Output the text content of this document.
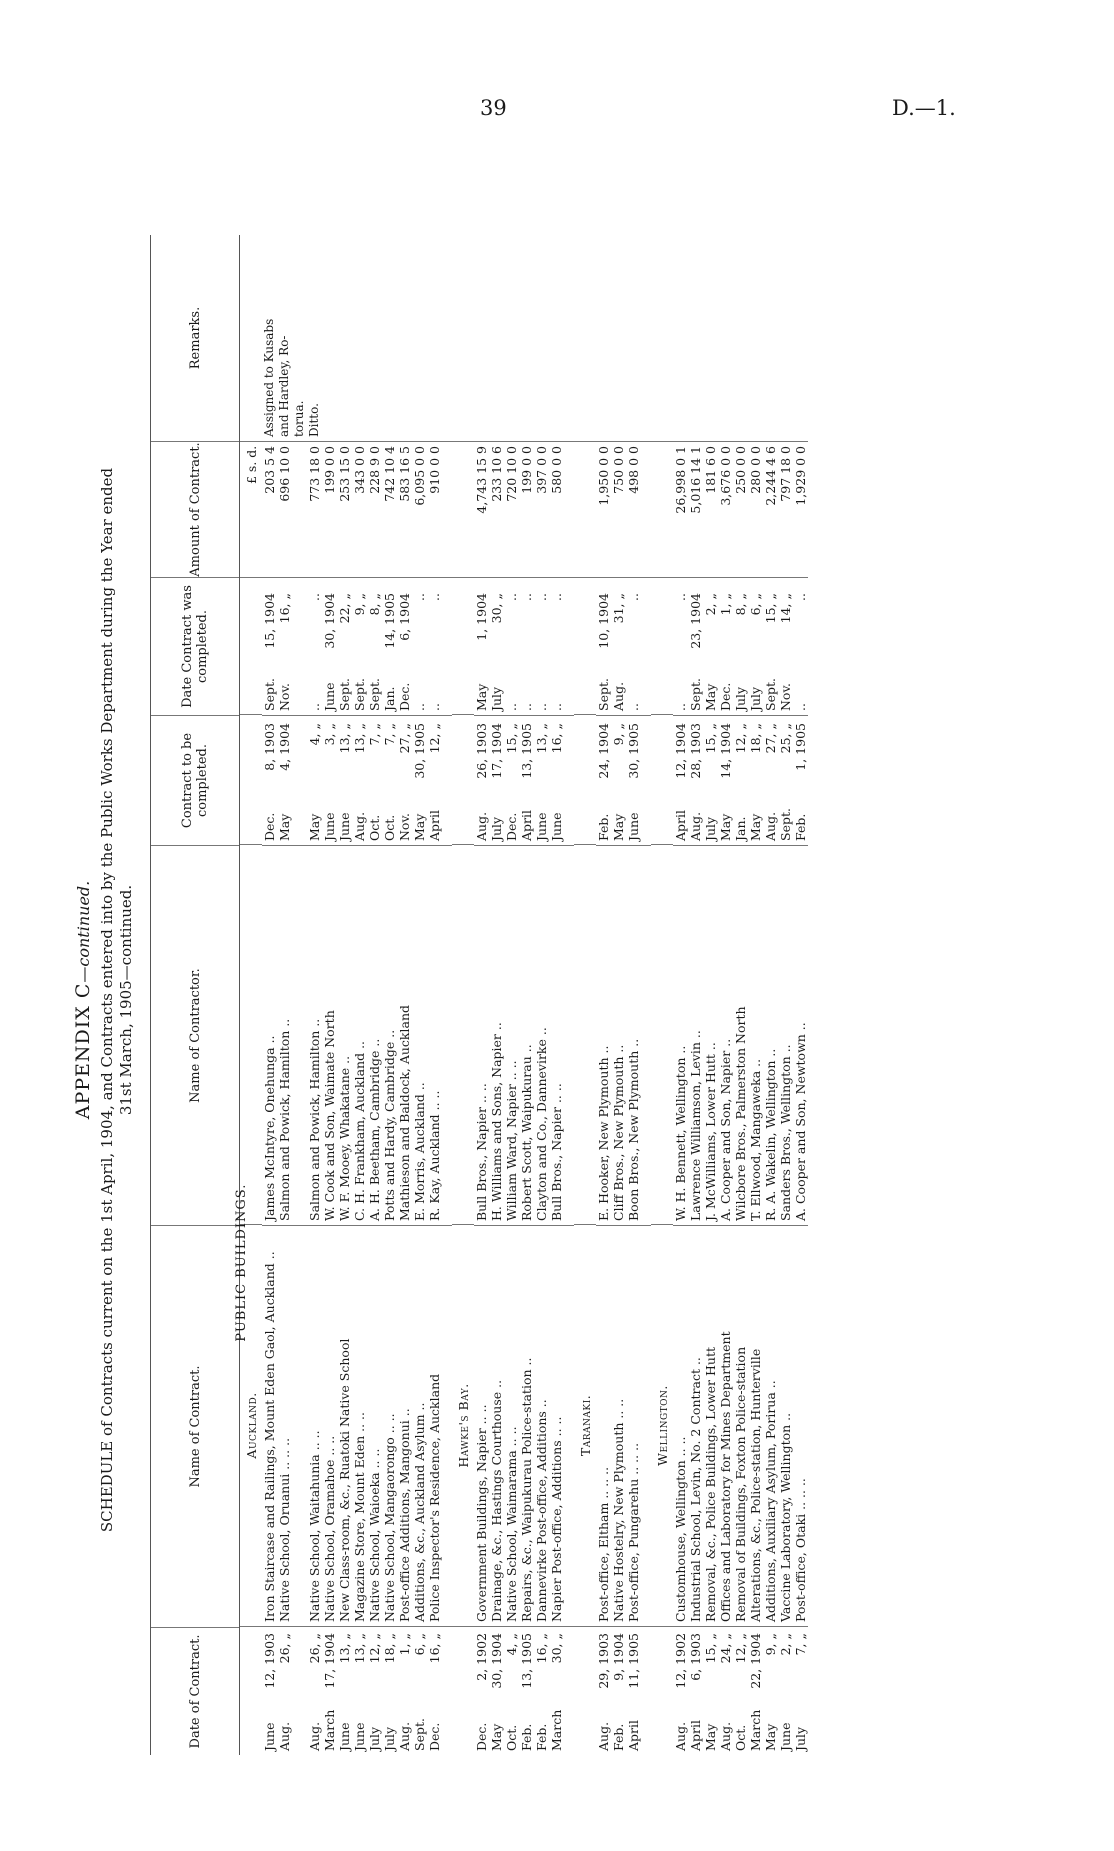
39	D.—1.
APPENDIX C—continued. SCHEDULE of Contracts current on the 1st April, 1904, and Contracts entered into by the Public Works Department during the Year ended 31st March, 1905—continued.
Date of Contract.
Name of Contract.
Name of Contractor.
Contract to be completed.
Date Contract was completed.
Amount of Contract.
Remarks.
Auckland.
PUBLIC BUILDINGS.
£ s. d.
June
12, 1903
Iron Staircase and Railings, Mount Eden Gaol, Auckland ..
James McIntyre, Onehunga ..
Dec.
8, 1903
Sept.
15, 1904
203 5 4
Assigned to Kusabs
Aug.
26, „
Native School, Oruanui .. .. ..
Salmon and Powick, Hamilton ..
May
4, 1904
Nov.
16, „
696 10 0
and Hardley, Ro- torua.
Aug.
26, „
Native School, Waitahunia .. ..
Salmon and Powick, Hamilton ..
May
4, „
..
..
773 18 0
Ditto.
March
17, 1904
Native School, Oramahoe .. ..
W. Cook and Son, Waimate North
June
3, „
June
30, 1904
199 0 0
June
13, „
New Class-room, &c., Ruatoki Native School
W. F. Mooey, Whakatane ..
June
13, „
Sept.
22, „
253 15 0
June
13, „
Magazine Store, Mount Eden .. ..
C. H. Frankham, Auckland ..
Aug.
13, „
Sept.
9, „
343 0 0
July
12, „
Native School, Waioeka .. ..
A. H. Beetham, Cambridge ..
Oct.
7, „
Sept.
8, „
228 9 0
July
18, „
Native School, Mangaorongo .. ..
Potts and Hardy, Cambridge ..
Oct.
7, „
Jan.
14, 1905
742 10 4
Aug.
1, „
Post-office Additions, Mangonui ..
Mathieson and Baldock, Auckland
Nov.
27, „
Dec.
6, 1904
583 16 5
Sept.
6, „
Additions, &c., Auckland Asylum ..
E. Morris, Auckland ..
May
30, 1905
..
..
6,095 0 0
Dec.
16, „
Police Inspector's Residence, Auckland
R. Kay, Auckland .. ..
April
12, „
..
..
910 0 0
Hawke's Bay.
Dec.
2, 1902
Government Buildings, Napier .. ..
Bull Bros., Napier .. ..
Aug.
26, 1903
May
1, 1904
4,743 15 9
May
30, 1904
Drainage, &c., Hastings Courthouse ..
H. Williams and Sons, Napier ..
July
17, 1904
July
30, „
233 10 6
Oct.
4, „
Native School, Waimarama .. ..
William Ward, Napier .. ..
Dec.
15, „
..
..
720 10 0
Feb.
13, 1905
Repairs, &c., Waipukurau Police-station ..
Robert Scott, Waipukurau ..
April
13, 1905
..
..
199 0 0
Feb.
16, „
Dannevirke Post-office, Additions ..
Clayton and Co., Dannevirke ..
June
13, „
..
..
397 0 0
March
30, „
Napier Post-office, Additions .. ..
Bull Bros., Napier .. ..
June
16, „
..
..
580 0 0
Taranaki.
Aug.
29, 1903
Post-office, Eltham .. .. ..
E. Hooker, New Plymouth ..
Feb.
24, 1904
Sept.
10, 1904
1,950 0 0
Feb.
9, 1904
Native Hostelry, New Plymouth .. ..
Cliff Bros., New Plymouth ..
May
9, „
Aug.
31, „
750 0 0
April
11, 1905
Post-office, Pungarehu .. .. ..
Boon Bros., New Plymouth ..
June
30, 1905
..
..
498 0 0
Wellington.
Aug.
12, 1902
Customhouse, Wellington .. ..
W. H. Bennett, Wellington ..
April
12, 1904
..
..
26,998 0 1
April
6, 1903
Industrial School, Levin, No. 2 Contract ..
Lawrence Williamson, Levin ..
Aug.
28, 1903
Sept.
23, 1904
5,016 14 1
May
15, „
Removal, &c., Police Buildings, Lower Hutt
J. McWilliams, Lower Hutt ..
July
15, „
May
2, „
181 6 0
Aug.
24, „
Offices and Laboratory for Mines Department
A. Cooper and Son, Napier ..
May
14, 1904
Dec.
1, „
3,676 0 0
Oct.
12, „
Removal of Buildings, Foxton Police-station
Wilcbore Bros., Palmerston North
Jan.
12, „
July
8, „
250 0 0
March
22, 1904
Alterations, &c., Police-station, Hunterville
T. Ellwood, Mangaweka ..
May
18, „
July
6, „
280 0 0
May
9, „
Additions, Auxiliary Asylum, Porirua ..
R. A. Wakelin, Wellington ..
Aug.
27, „
Sept.
15, „
2,244 4 6
June
2, „
Vaccine Laboratory, Wellington ..
Sanders Bros., Wellington ..
Sept.
25, „
Nov.
14, „
797 18 0
July
7, „
Post-office, Otaki .. .. ..
A. Cooper and Son, Newtown ..
Feb.
1, 1905
..
..
1,929 0 0
